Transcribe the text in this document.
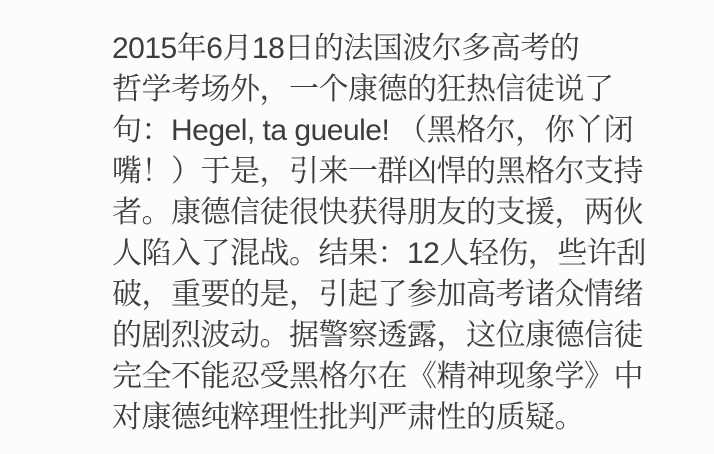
2015年6月18日的法国波尔多高考的
哲学考场外，一个康德的狂热信徒说了
句：Hegel, ta gueule! （黑格尔，你丫闭
嘴！）于是，引来一群凶悍的黑格尔支持
者。康德信徒很快获得朋友的支援，两伙
人陷入了混战。结果：12人轻伤，些许刮
破，重要的是，引起了参加高考诸众情绪
的剧烈波动。据警察透露，这位康德信徒
完全不能忍受黑格尔在《精神现象学》中
对康德纯粹理性批判严肃性的质疑。
